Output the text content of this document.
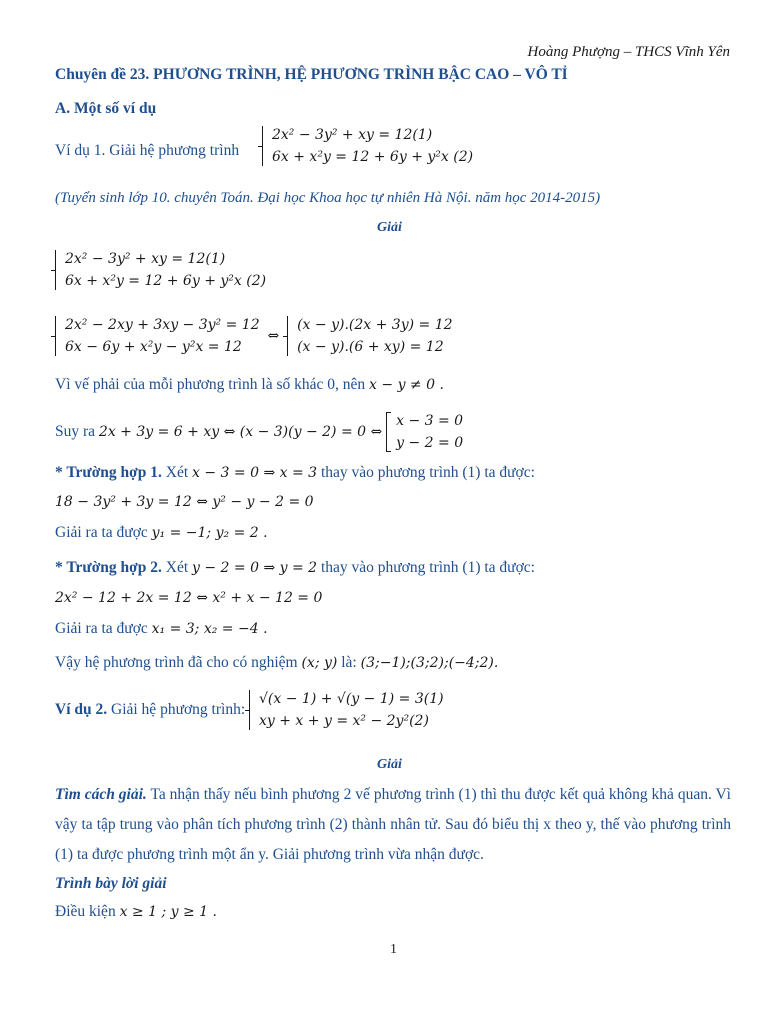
Hoàng Phượng – THCS Vĩnh Yên
Chuyên đề 23. PHƯƠNG TRÌNH, HỆ PHƯƠNG TRÌNH BẬC CAO – VÔ TỈ
A. Một số ví dụ
Ví dụ 1. Giải hệ phương trình
2x² − 3y² + xy = 12(1)
6x + x²y = 12 + 6y + y²x (2)
(Tuyển sinh lớp 10. chuyên Toán. Đại học Khoa học tự nhiên Hà Nội. năm học 2014-2015)
Giải
2x² − 3y² + xy = 12(1)
6x + x²y = 12 + 6y + y²x (2)
2x² − 2xy + 3xy − 3y² = 12
6x − 6y + x²y − y²x = 12
⇔
(x − y).(2x + 3y) = 12
(x − y).(6 + xy) = 12
Vì vế phải của mỗi phương trình là số khác 0, nên x − y ≠ 0 .
Suy ra 2x + 3y = 6 + xy ⇔ (x − 3)(y − 2) = 0 ⇔
x − 3 = 0
y − 2 = 0
* Trường hợp 1. Xét x − 3 = 0 ⇒ x = 3 thay vào phương trình (1) ta được:
18 − 3y² + 3y = 12 ⇔ y² − y − 2 = 0
Giải ra ta được y₁ = −1; y₂ = 2 .
* Trường hợp 2. Xét y − 2 = 0 ⇒ y = 2 thay vào phương trình (1) ta được:
2x² − 12 + 2x = 12 ⇔ x² + x − 12 = 0
Giải ra ta được x₁ = 3; x₂ = −4 .
Vậy hệ phương trình đã cho có nghiệm (x; y) là: (3;−1);(3;2);(−4;2).
Ví dụ 2. Giải hệ phương trình:
√(x − 1) + √(y − 1) = 3(1)
xy + x + y = x² − 2y²(2)
Giải
Tìm cách giải. Ta nhận thấy nếu bình phương 2 vế phương trình (1) thì thu được kết quả không khả quan. Vì vậy ta tập trung vào phân tích phương trình (2) thành nhân tử. Sau đó biểu thị x theo y, thế vào phương trình (1) ta được phương trình một ẩn y. Giải phương trình vừa nhận được.
Trình bày lời giải
Điều kiện x ≥ 1 ; y ≥ 1 .
1
